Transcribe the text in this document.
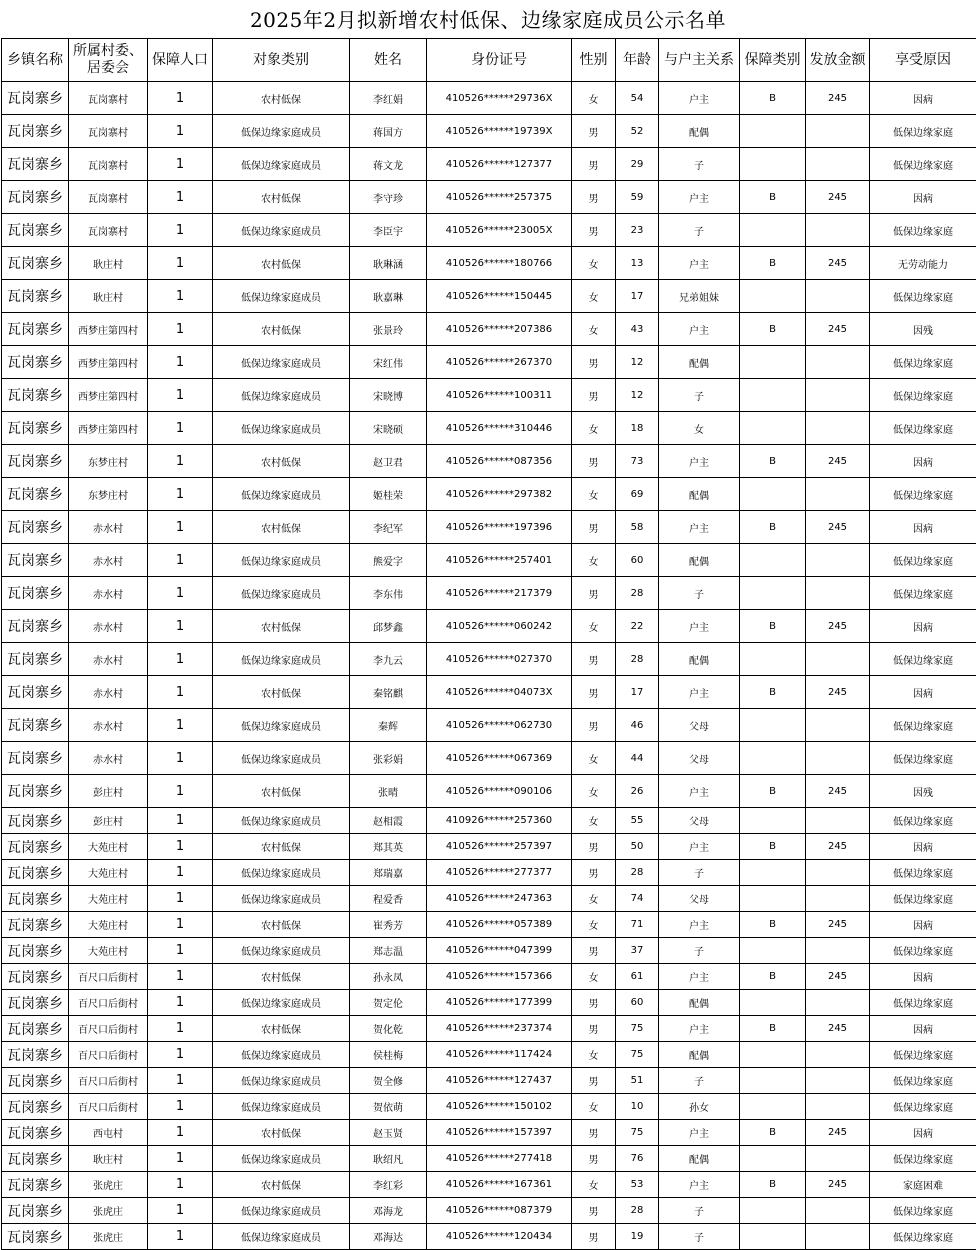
2025年2月拟新增农村低保、边缘家庭成员公示名单
乡镇名称	所属村委、居委会	保障人口	对象类别	姓名	身份证号	性别	年龄	与户主关系	保障类别	发放金额	享受原因
瓦岗寨乡	瓦岗寨村	1	农村低保	李红娟	410526******29736X	女	54	户主	B	245	因病
瓦岗寨乡	瓦岗寨村	1	低保边缘家庭成员	蒋国方	410526******19739X	男	52	配偶			低保边缘家庭
瓦岗寨乡	瓦岗寨村	1	低保边缘家庭成员	蒋文龙	410526******127377	男	29	子			低保边缘家庭
瓦岗寨乡	瓦岗寨村	1	农村低保	李守珍	410526******257375	男	59	户主	B	245	因病
瓦岗寨乡	瓦岗寨村	1	低保边缘家庭成员	李臣宇	410526******23005X	男	23	子			低保边缘家庭
瓦岗寨乡	耿庄村	1	农村低保	耿琳涵	410526******180766	女	13	户主	B	245	无劳动能力
瓦岗寨乡	耿庄村	1	低保边缘家庭成员	耿嘉琳	410526******150445	女	17	兄弟姐妹			低保边缘家庭
瓦岗寨乡	西梦庄第四村	1	农村低保	张景玲	410526******207386	女	43	户主	B	245	因残
瓦岗寨乡	西梦庄第四村	1	低保边缘家庭成员	宋红伟	410526******267370	男	12	配偶			低保边缘家庭
瓦岗寨乡	西梦庄第四村	1	低保边缘家庭成员	宋晓博	410526******100311	男	12	子			低保边缘家庭
瓦岗寨乡	西梦庄第四村	1	低保边缘家庭成员	宋晓硕	410526******310446	女	18	女			低保边缘家庭
瓦岗寨乡	东梦庄村	1	农村低保	赵卫君	410526******087356	男	73	户主	B	245	因病
瓦岗寨乡	东梦庄村	1	低保边缘家庭成员	姬桂荣	410526******297382	女	69	配偶			低保边缘家庭
瓦岗寨乡	赤水村	1	农村低保	李纪军	410526******197396	男	58	户主	B	245	因病
瓦岗寨乡	赤水村	1	低保边缘家庭成员	熊爱字	410526******257401	女	60	配偶			低保边缘家庭
瓦岗寨乡	赤水村	1	低保边缘家庭成员	李东伟	410526******217379	男	28	子			低保边缘家庭
瓦岗寨乡	赤水村	1	农村低保	邱梦鑫	410526******060242	女	22	户主	B	245	因病
瓦岗寨乡	赤水村	1	低保边缘家庭成员	李九云	410526******027370	男	28	配偶			低保边缘家庭
瓦岗寨乡	赤水村	1	农村低保	秦铭麒	410526******04073X	男	17	户主	B	245	因病
瓦岗寨乡	赤水村	1	低保边缘家庭成员	秦辉	410526******062730	男	46	父母			低保边缘家庭
瓦岗寨乡	赤水村	1	低保边缘家庭成员	张彩娟	410526******067369	女	44	父母			低保边缘家庭
瓦岗寨乡	彭庄村	1	农村低保	张晴	410526******090106	女	26	户主	B	245	因残
瓦岗寨乡	彭庄村	1	低保边缘家庭成员	赵相霞	410926******257360	女	55	父母			低保边缘家庭
瓦岗寨乡	大苑庄村	1	农村低保	郑其英	410526******257397	男	50	户主	B	245	因病
瓦岗寨乡	大苑庄村	1	低保边缘家庭成员	郑瑞嘉	410526******277377	男	28	子			低保边缘家庭
瓦岗寨乡	大苑庄村	1	低保边缘家庭成员	程爱香	410526******247363	女	74	父母			低保边缘家庭
瓦岗寨乡	大苑庄村	1	农村低保	崔秀芳	410526******057389	女	71	户主	B	245	因病
瓦岗寨乡	大苑庄村	1	低保边缘家庭成员	郑志温	410526******047399	男	37	子			低保边缘家庭
瓦岗寨乡	百尺口后街村	1	农村低保	孙永凤	410526******157366	女	61	户主	B	245	因病
瓦岗寨乡	百尺口后街村	1	低保边缘家庭成员	贺定伦	410526******177399	男	60	配偶			低保边缘家庭
瓦岗寨乡	百尺口后街村	1	农村低保	贺化乾	410526******237374	男	75	户主	B	245	因病
瓦岗寨乡	百尺口后街村	1	低保边缘家庭成员	侯桂梅	410526******117424	女	75	配偶			低保边缘家庭
瓦岗寨乡	百尺口后街村	1	低保边缘家庭成员	贺全修	410526******127437	男	51	子			低保边缘家庭
瓦岗寨乡	百尺口后街村	1	低保边缘家庭成员	贺依萌	410526******150102	女	10	孙女			低保边缘家庭
瓦岗寨乡	西屯村	1	农村低保	赵玉贤	410526******157397	男	75	户主	B	245	因病
瓦岗寨乡	耿庄村	1	低保边缘家庭成员	耿绍凡	410526******277418	男	76	配偶			低保边缘家庭
瓦岗寨乡	张虎庄	1	农村低保	李红彩	410526******167361	女	53	户主	B	245	家庭困难
瓦岗寨乡	张虎庄	1	低保边缘家庭成员	邓海龙	410526******087379	男	28	子			低保边缘家庭
瓦岗寨乡	张虎庄	1	低保边缘家庭成员	邓海达	410526******120434	男	19	子			低保边缘家庭
